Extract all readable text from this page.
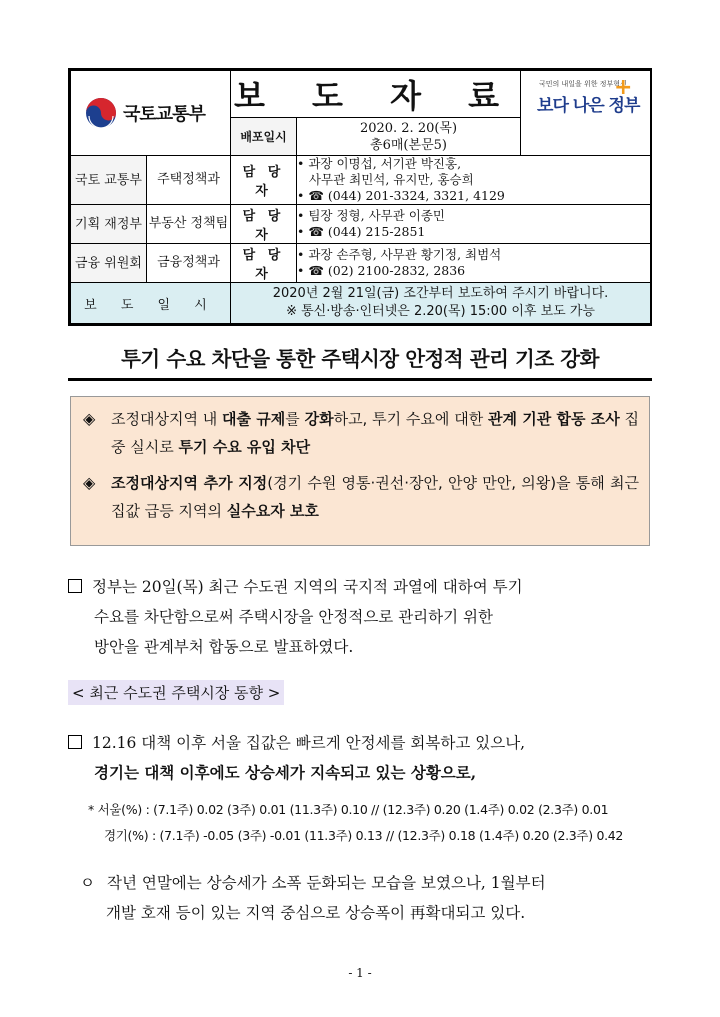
국토교통부		보 도 자 료		국민의 내일을 위한 정부혁신
보다 나은 정부
+

		배포일시	2020. 2. 20(목)
총6매(본문5)	

국토 교통부	주택정책과	담 당 자	• 과장 이명섭, 서기관 박진홍,
사무관 최민석, 유지만, 홍승희
• ☎ (044) 201-3324, 3321, 4129	

기획 재정부	부동산 정책팀	담 당 자	• 팀장 정형, 사무관 이종민
• ☎ (044) 215-2851	

금융 위원회	금융정책과	담 당 자	• 과장 손주형, 사무관 황기정, 최범석
• ☎ (02) 2100-2832, 2836	

보 도 일 시		2020년 2월 21일(금) 조간부터 보도하여 주시기 바랍니다.
※ 통신·방송·인터넷은 2.20(목) 15:00 이후 보도 가능		
투기 수요 차단을 통한 주택시장 안정적 관리 기조 강화
◈ 조정대상지역 내 대출 규제를 강화하고, 투기 수요에 대한 관계 기관 합동 조사 집중 실시로 투기 수요 유입 차단
◈ 조정대상지역 추가 지정(경기 수원 영통·권선·장안, 안양 만안, 의왕)을 통해 최근 집값 급등 지역의 실수요자 보호
정부는 20일(목) 최근 수도권 지역의 국지적 과열에 대하여 투기
수요를 차단함으로써 주택시장을 안정적으로 관리하기 위한
방안을 관계부처 합동으로 발표하였다.
< 최근 수도권 주택시장 동향 >
12.16 대책 이후 서울 집값은 빠르게 안정세를 회복하고 있으나,
경기는 대책 이후에도 상승세가 지속되고 있는 상황으로,
* 서울(%) : (7.1주) 0.02 (3주) 0.01 (11.3주) 0.10 // (12.3주) 0.20 (1.4주) 0.02 (2.3주) 0.01
경기(%) : (7.1주) -0.05 (3주) -0.01 (11.3주) 0.13 // (12.3주) 0.18 (1.4주) 0.20 (2.3주) 0.42
ㅇ 작년 연말에는 상승세가 소폭 둔화되는 모습을 보였으나, 1월부터
개발 호재 등이 있는 지역 중심으로 상승폭이 再확대되고 있다.
- 1 -
